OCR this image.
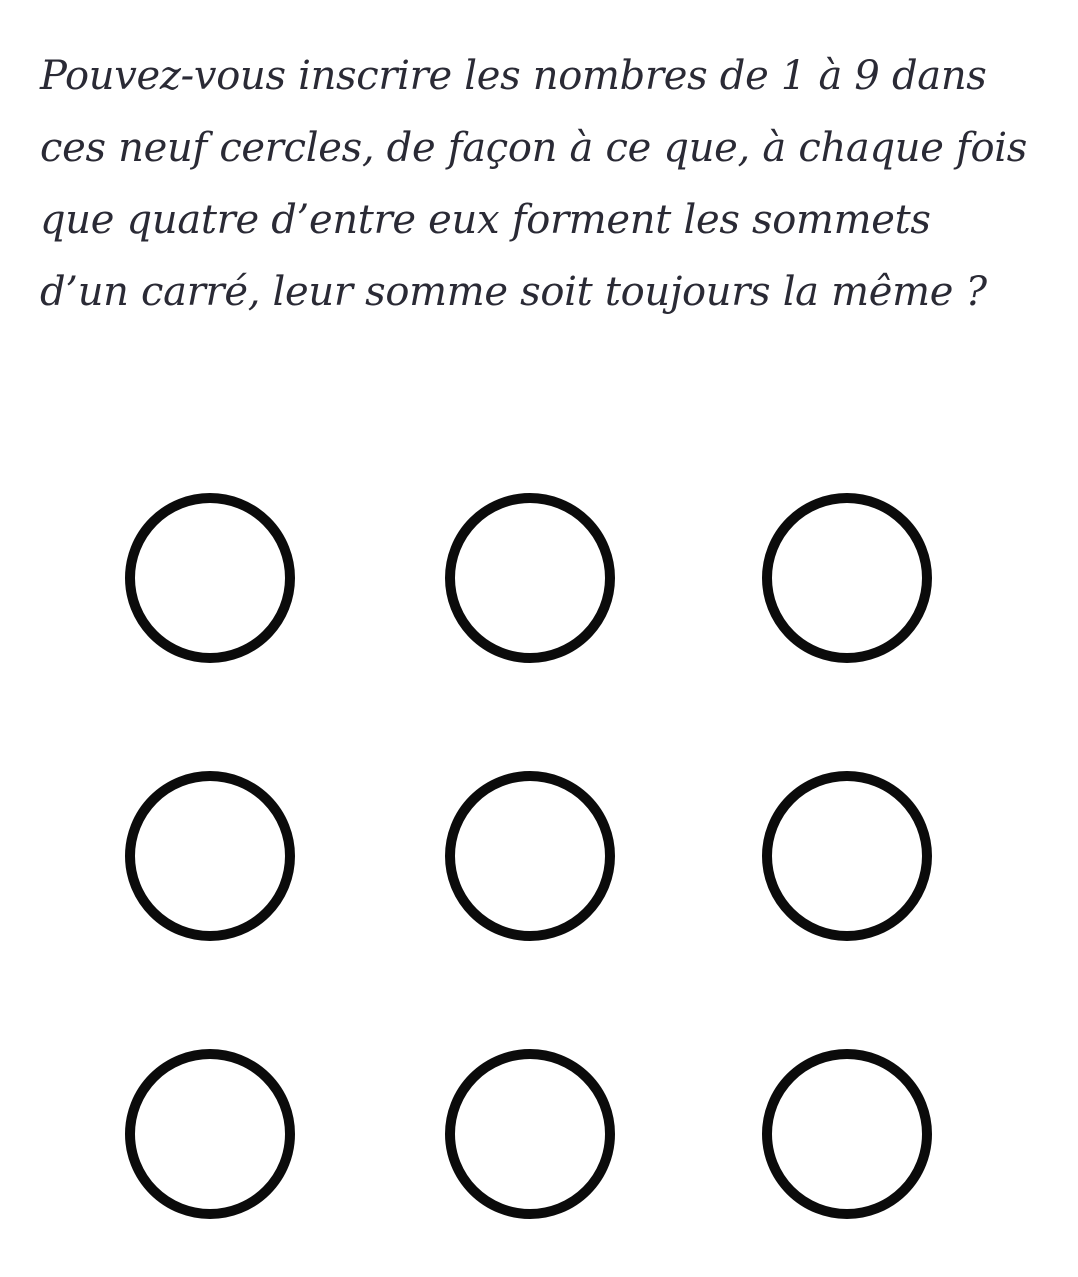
Pouvez-vous inscrire les nombres de 1 à 9 dans
ces neuf cercles, de façon à ce que, à chaque fois
que quatre d’entre eux forment les sommets
d’un carré, leur somme soit toujours la même ?
